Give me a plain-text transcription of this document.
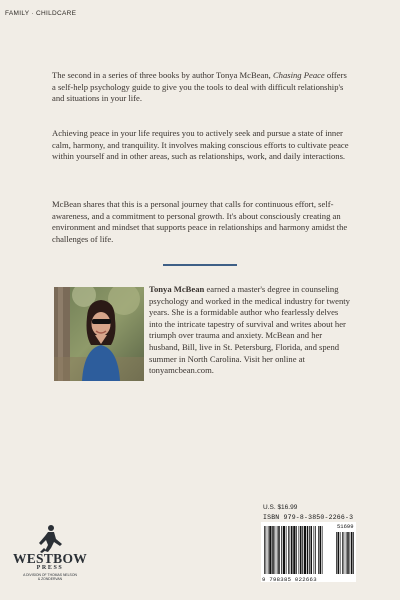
FAMILY · CHILDCARE

The second in a series of three books by author Tonya McBean, Chasing Peace offers a self-help psychology guide to give you the tools to deal with difficult relationship's and situations in your life.

Achieving peace in your life requires you to actively seek and pursue a state of inner calm, harmony, and tranquility. It involves making conscious efforts to cultivate peace within yourself and in other areas, such as relationships, work, and daily interactions.

McBean shares that this is a personal journey that calls for continuous effort, self-awareness, and a commitment to personal growth. It's about consciously creating an environment and mindset that supports peace in relationships and harmony amidst the challenges of life.

Tonya McBean earned a master's degree in counseling psychology and worked in the medical industry for twenty years. She is a formidable author who fearlessly delves into the intricate tapestry of survival and writes about her triumph over trauma and anxiety. McBean and her husband, Bill, live in St. Petersburg, Florida, and spend summer in North Carolina. Visit her online at tonyamcbean.com.
WESTBOW
PRESS
A DIVISION OF THOMAS NELSON
& ZONDERVAN
U.S. $16.99
ISBN 979-8-3850-2266-3
51699
9 798385 022663
